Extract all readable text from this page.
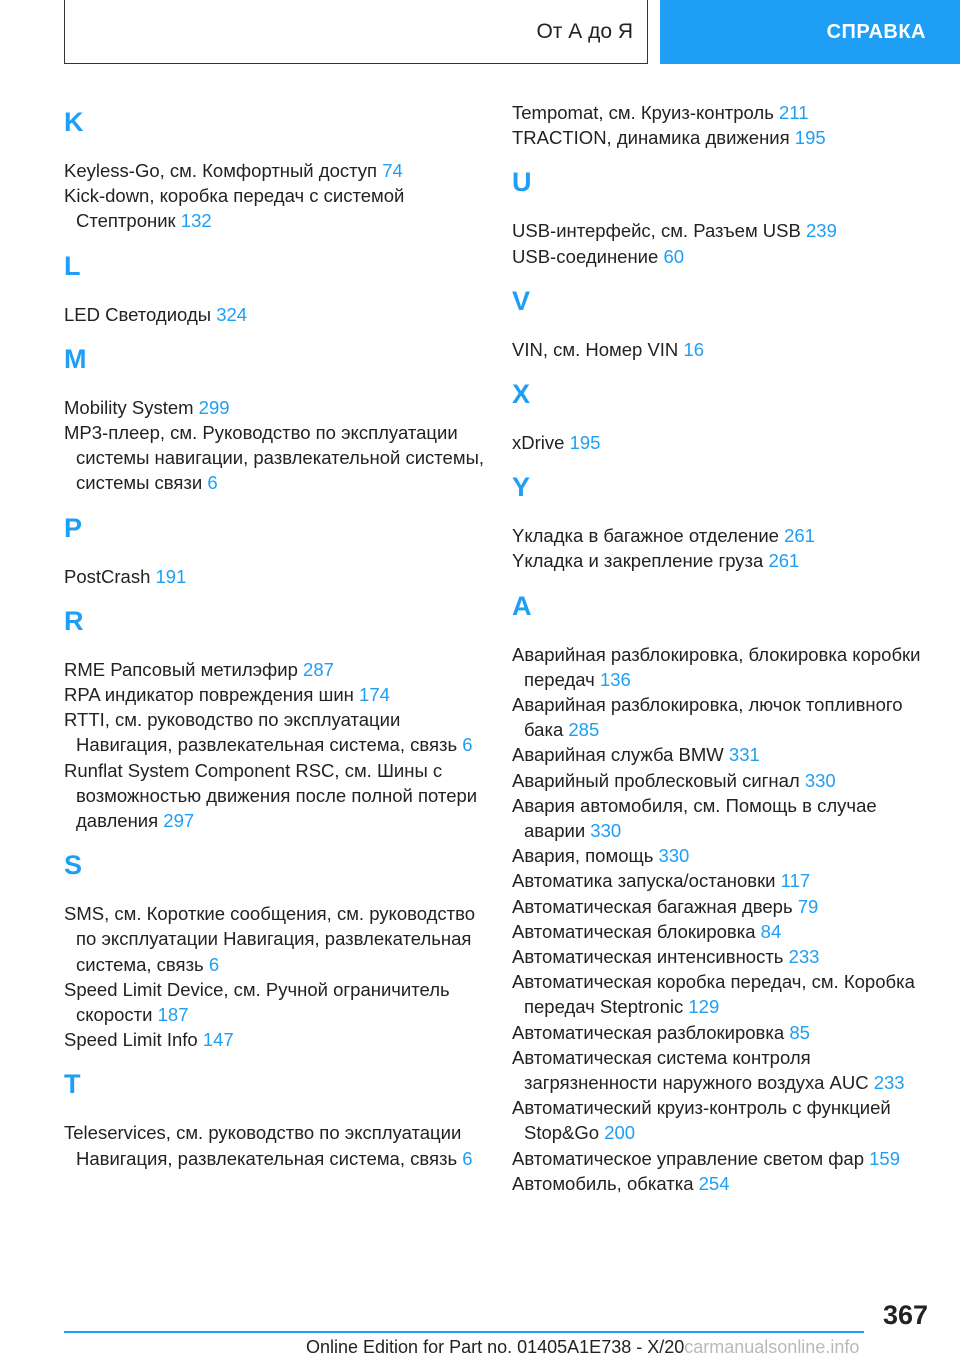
От А до Я	СПРАВКА
K
Keyless-Go, см. Комфортный доступ 74
Kick-down, коробка передач с системой Стептроник 132
L
LED Светодиоды 324
M
Mobility System 299
MP3-плеер, см. Руководство по эксплуатации системы навигации, развлекательной системы, системы связи 6
P
PostCrash 191
R
RME Рапсовый метилэфир 287
RPA индикатор повреждения шин 174
RTTI, см. руководство по эксплуатации Навигация, развлекательная система, связь 6
Runflat System Component RSC, см. Шины с возможностью движения после полной потери давления 297
S
SMS, см. Короткие сообщения, см. руководство по эксплуатации Навигация, развлекательная система, связь 6
Speed Limit Device, см. Ручной ограничитель скорости 187
Speed Limit Info 147
T
Teleservices, см. руководство по эксплуатации Навигация, развлекательная система, связь 6
Tempomat, см. Круиз-контроль 211
TRACTION, динамика движения 195
U
USB-интерфейс, см. Разъем USB 239
USB-соединение 60
V
VIN, см. Номер VIN 16
X
xDrive 195
Y
Yкладка в багажное отделение 261
Yкладка и закрепление груза 261
А
Аварийная разблокировка, блокировка коробки передач 136
Аварийная разблокировка, лючок топливного бака 285
Аварийная служба BMW 331
Аварийный проблесковый сигнал 330
Авария автомобиля, см. Помощь в случае аварии 330
Авария, помощь 330
Автоматика запуска/остановки 117
Автоматическая багажная дверь 79
Автоматическая блокировка 84
Автоматическая интенсивность 233
Автоматическая коробка передач, см. Коробка передач Steptronic 129
Автоматическая разблокировка 85
Автоматическая система контроля загрязненности наружного воздуха AUC 233
Автоматический круиз-контроль с функцией Stop&Go 200
Автоматическое управление светом фар 159
Автомобиль, обкатка 254
367
Online Edition for Part no. 01405A1E738 - X/20carmanualsonline.info
